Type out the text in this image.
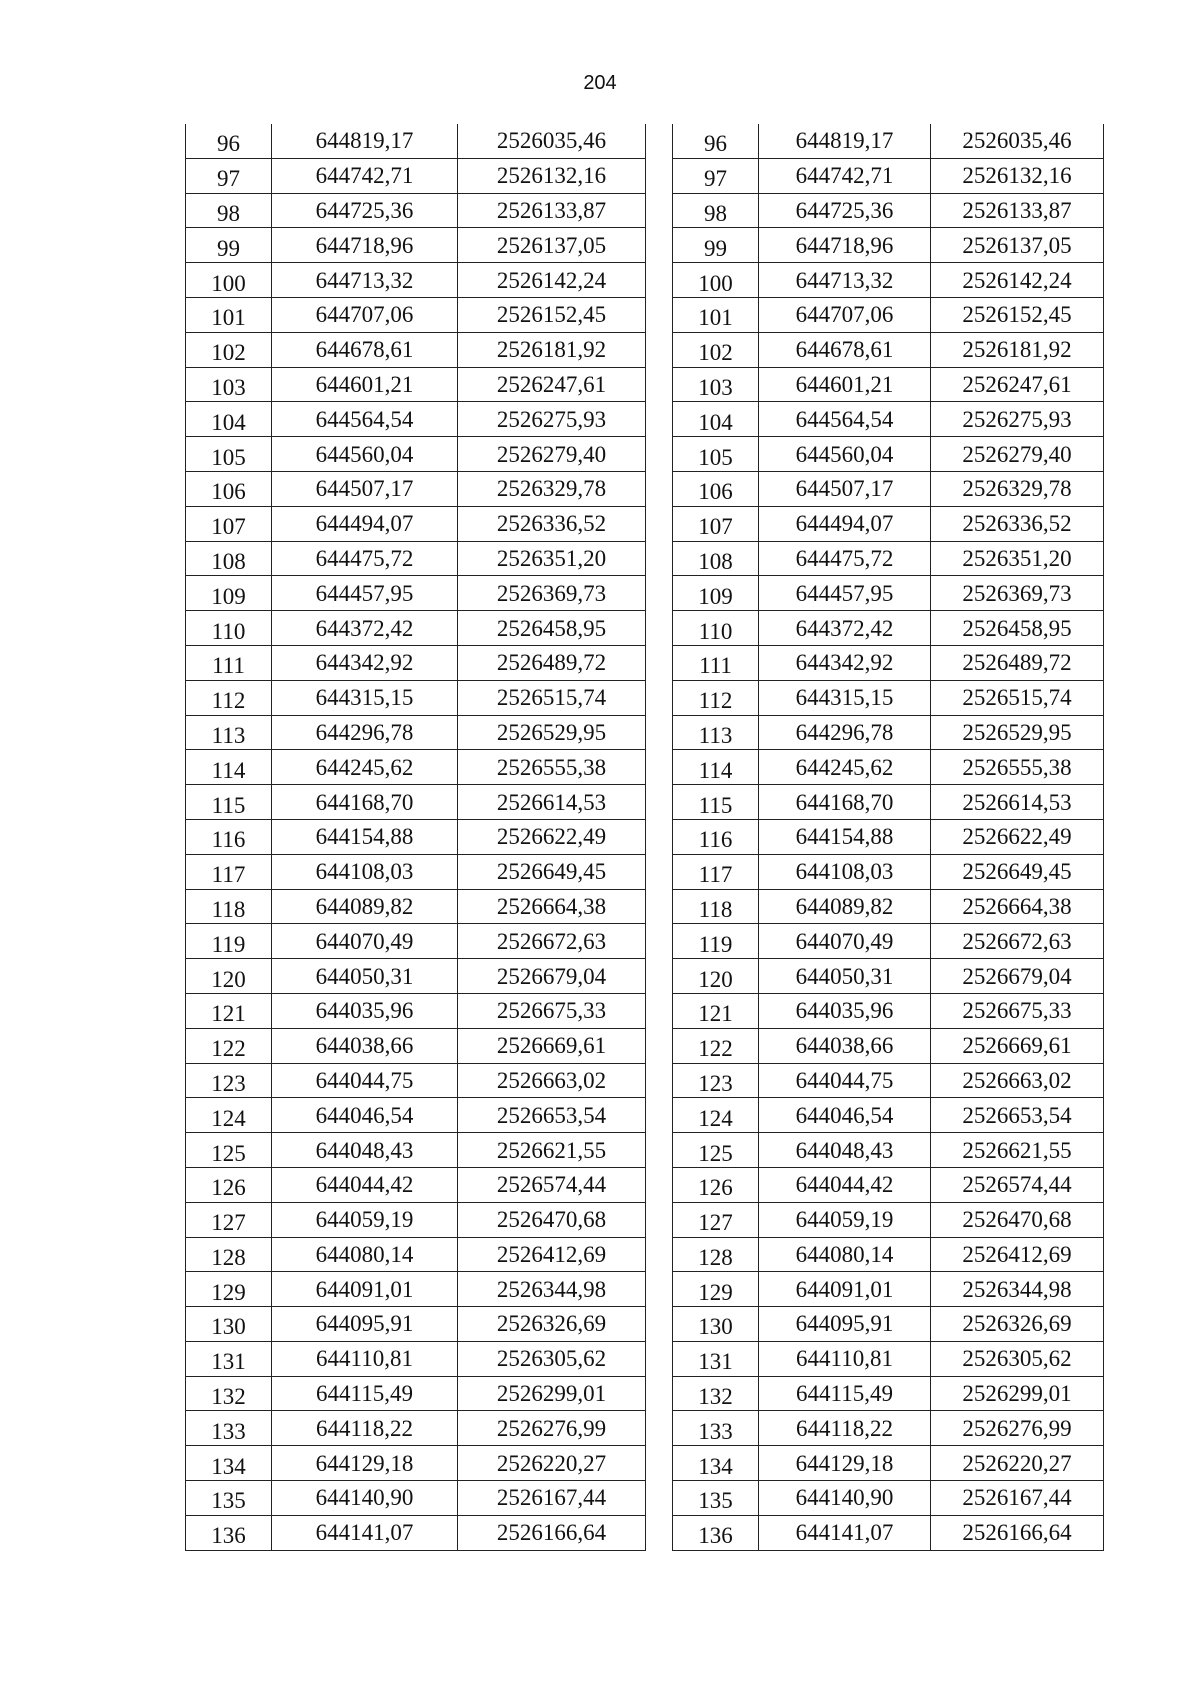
204
96	644819,17	2526035,46
97	644742,71	2526132,16
98	644725,36	2526133,87
99	644718,96	2526137,05
100	644713,32	2526142,24
101	644707,06	2526152,45
102	644678,61	2526181,92
103	644601,21	2526247,61
104	644564,54	2526275,93
105	644560,04	2526279,40
106	644507,17	2526329,78
107	644494,07	2526336,52
108	644475,72	2526351,20
109	644457,95	2526369,73
110	644372,42	2526458,95
111	644342,92	2526489,72
112	644315,15	2526515,74
113	644296,78	2526529,95
114	644245,62	2526555,38
115	644168,70	2526614,53
116	644154,88	2526622,49
117	644108,03	2526649,45
118	644089,82	2526664,38
119	644070,49	2526672,63
120	644050,31	2526679,04
121	644035,96	2526675,33
122	644038,66	2526669,61
123	644044,75	2526663,02
124	644046,54	2526653,54
125	644048,43	2526621,55
126	644044,42	2526574,44
127	644059,19	2526470,68
128	644080,14	2526412,69
129	644091,01	2526344,98
130	644095,91	2526326,69
131	644110,81	2526305,62
132	644115,49	2526299,01
133	644118,22	2526276,99
134	644129,18	2526220,27
135	644140,90	2526167,44
136	644141,07	2526166,64
96	644819,17	2526035,46
97	644742,71	2526132,16
98	644725,36	2526133,87
99	644718,96	2526137,05
100	644713,32	2526142,24
101	644707,06	2526152,45
102	644678,61	2526181,92
103	644601,21	2526247,61
104	644564,54	2526275,93
105	644560,04	2526279,40
106	644507,17	2526329,78
107	644494,07	2526336,52
108	644475,72	2526351,20
109	644457,95	2526369,73
110	644372,42	2526458,95
111	644342,92	2526489,72
112	644315,15	2526515,74
113	644296,78	2526529,95
114	644245,62	2526555,38
115	644168,70	2526614,53
116	644154,88	2526622,49
117	644108,03	2526649,45
118	644089,82	2526664,38
119	644070,49	2526672,63
120	644050,31	2526679,04
121	644035,96	2526675,33
122	644038,66	2526669,61
123	644044,75	2526663,02
124	644046,54	2526653,54
125	644048,43	2526621,55
126	644044,42	2526574,44
127	644059,19	2526470,68
128	644080,14	2526412,69
129	644091,01	2526344,98
130	644095,91	2526326,69
131	644110,81	2526305,62
132	644115,49	2526299,01
133	644118,22	2526276,99
134	644129,18	2526220,27
135	644140,90	2526167,44
136	644141,07	2526166,64
